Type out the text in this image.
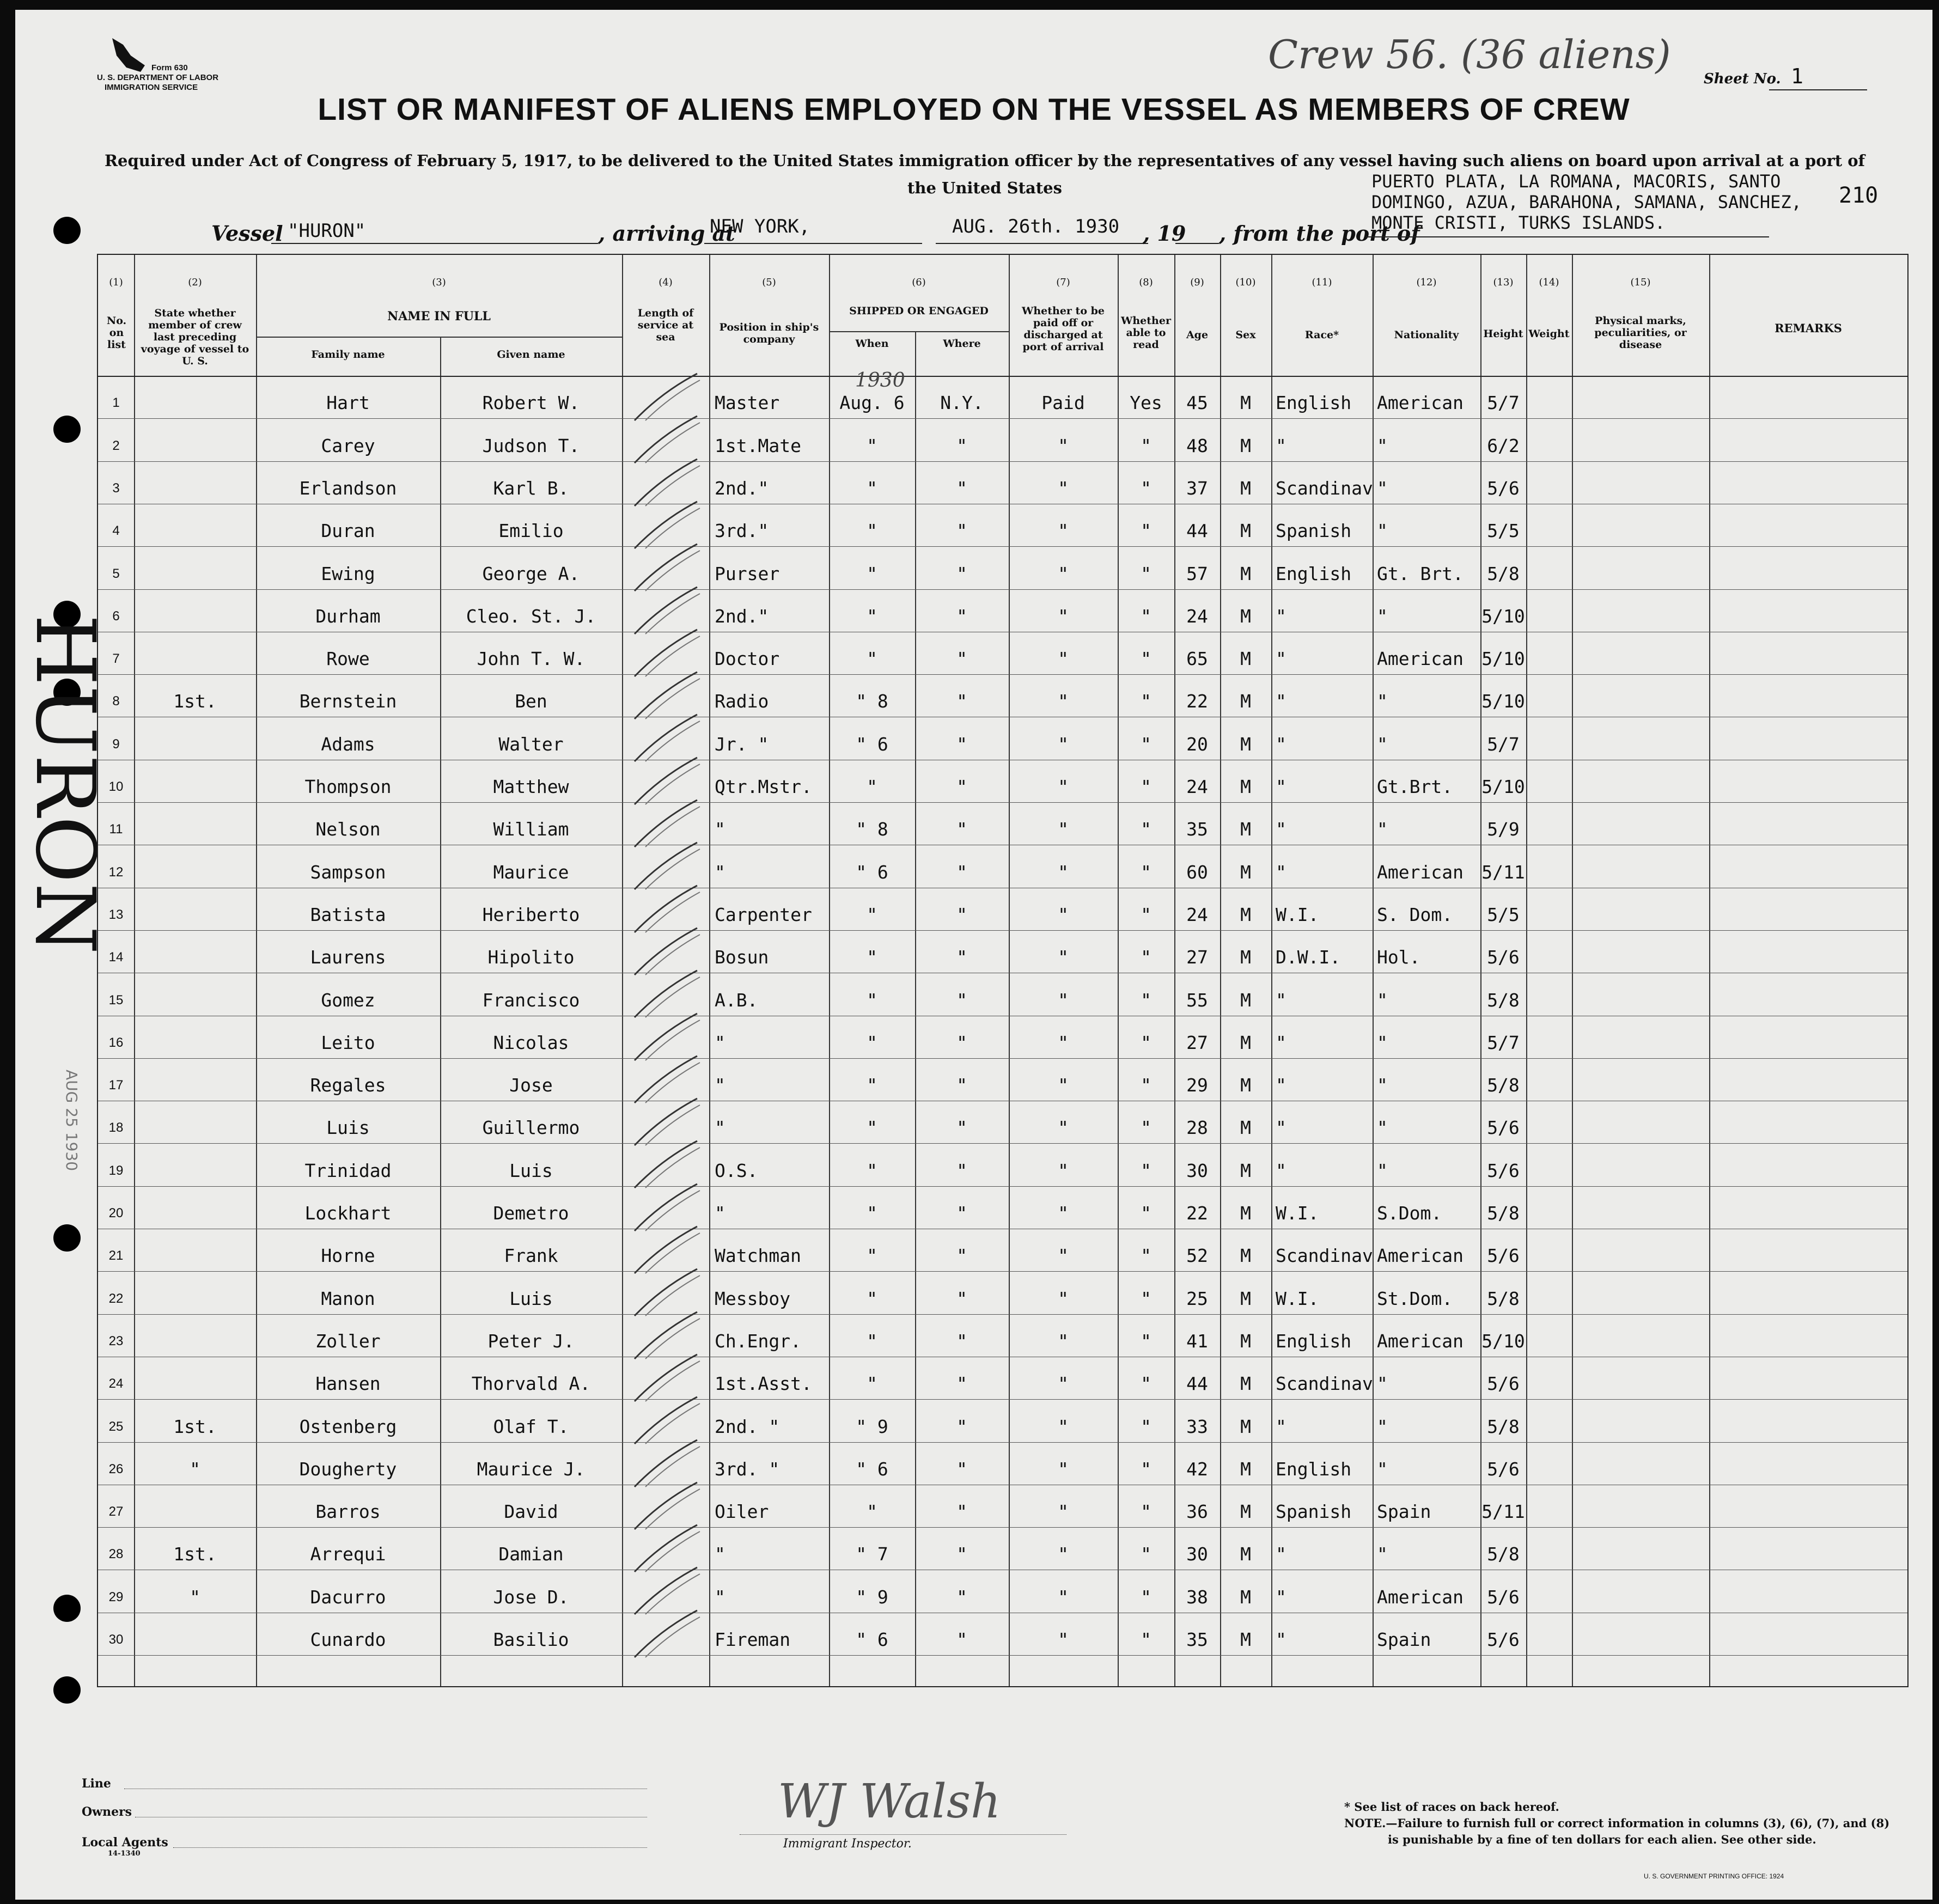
Form 630
U. S. DEPARTMENT OF LABOR
IMMIGRATION SERVICE
Crew 56. (36 aliens)
Sheet No. 1
LIST OR MANIFEST OF ALIENS EMPLOYED ON THE VESSEL AS MEMBERS OF CREW
Required under Act of Congress of February 5, 1917, to be delivered to the United States immigration officer by the representatives of any vessel having such aliens on board upon arrival at a port of the United States
Vessel "HURON"	, arriving at
NEW YORK,	AUG. 26th. 1930 , 19 , from the port of
PUERTO PLATA, LA ROMANA, MACORIS, SANTO
DOMINGO, AZUA, BARAHONA, SAMANA, SANCHEZ,
MONTE CRISTI, TURKS ISLANDS.
210
HURON
AUG 25 1930
(1)
No. on list
(2)
State whether member of crew last preceding voyage of vessel to U. S.
(3)
NAME IN FULL
Family name	Given name
(4)
Length of service at sea
(5)
Position in ship's company
(6)
SHIPPED OR ENGAGED
When	Where
(7)
Whether to be paid off or discharged at port of arrival
(8)
Whether able to read
(9)
Age
(10)
Sex
(11)
Race*
(12)
Nationality
(13)
Height
(14)
Weight
(15)
Physical marks, peculiarities, or disease
REMARKS
1930
1	Hart	Robert W.	Master	Aug. 6	N.Y.	Paid	Yes	45	M	English	American	5/7
2	Carey	Judson T.	1st.Mate	"	"	"	"	48	M	"	"	6/2
3	Erlandson	Karl B.	2nd."	"	"	"	"	37	M	Scandinav "	5/6
4	Duran	Emilio	3rd."	"	"	"	"	44	M	Spanish	"	5/5
5	Ewing	George A.	Purser	"	"	"	"	57	M	English	Gt. Brt.	5/8
6	Durham	Cleo. St. J.	2nd."	"	"	"	"	24	M	"	"	5/10
7	Rowe	John T. W.	Doctor	"	"	"	"	65	M	"	American	5/10
8	1st.	Bernstein	Ben	Radio	" 8	"	"	"	22	M	"	"	5/10
9	Adams	Walter	Jr. "	" 6	"	"	"	20	M	"	"	5/7
10	Thompson	Matthew	Qtr.Mstr.	"	"	"	"	24	M	"	Gt.Brt.	5/10
11	Nelson	William	"	" 8	"	"	"	35	M	"	"	5/9
12	Sampson	Maurice	"	" 6	"	"	"	60	M	"	American	5/11
13	Batista	Heriberto	Carpenter	"	"	"	"	24	M	W.I.	S. Dom.	5/5
14	Laurens	Hipolito	Bosun	"	"	"	"	27	M	D.W.I.	Hol.	5/6
15	Gomez	Francisco	A.B.	"	"	"	"	55	M	"	"	5/8
16	Leito	Nicolas	"	"	"	"	"	27	M	"	"	5/7
17	Regales	Jose	"	"	"	"	"	29	M	"	"	5/8
18	Luis	Guillermo	"	"	"	"	"	28	M	"	"	5/6
19	Trinidad	Luis	O.S.	"	"	"	"	30	M	"	"	5/6
20	Lockhart	Demetro	"	"	"	"	"	22	M	W.I.	S.Dom.	5/8
21	Horne	Frank	Watchman	"	"	"	"	52	M	Scandinav American	5/6
22	Manon	Luis	Messboy	"	"	"	"	25	M	W.I.	St.Dom.	5/8
23	Zoller	Peter J.	Ch.Engr.	"	"	"	"	41	M	English	American	5/10
24	Hansen	Thorvald A.	1st.Asst.	"	"	"	"	44	M	Scandinav "	5/6
25	1st.	Ostenberg	Olaf T.	2nd. "	" 9	"	"	"	33	M	"	"	5/8
26	"	Dougherty	Maurice J.	3rd. "	" 6	"	"	"	42	M	English	"	5/6
27	Barros	David	Oiler	"	"	"	"	36	M	Spanish	Spain	5/11
28	1st.	Arrequi	Damian	"	" 7	"	"	"	30	M	"	"	5/8
29	"	Dacurro	Jose D.	"	" 9	"	"	"	38	M	"	American	5/6
30	Cunardo	Basilio	Fireman	" 6	"	"	"	35	M	"	Spain	5/6
Line
Owners
Local Agents
14-1340
WJ Walsh
Immigrant Inspector.
* See list of races on back hereof.
NOTE.—Failure to furnish full or correct information in columns (3), (6), (7), and (8)
is punishable by a fine of ten dollars for each alien. See other side.
U. S. GOVERNMENT PRINTING OFFICE: 1924
